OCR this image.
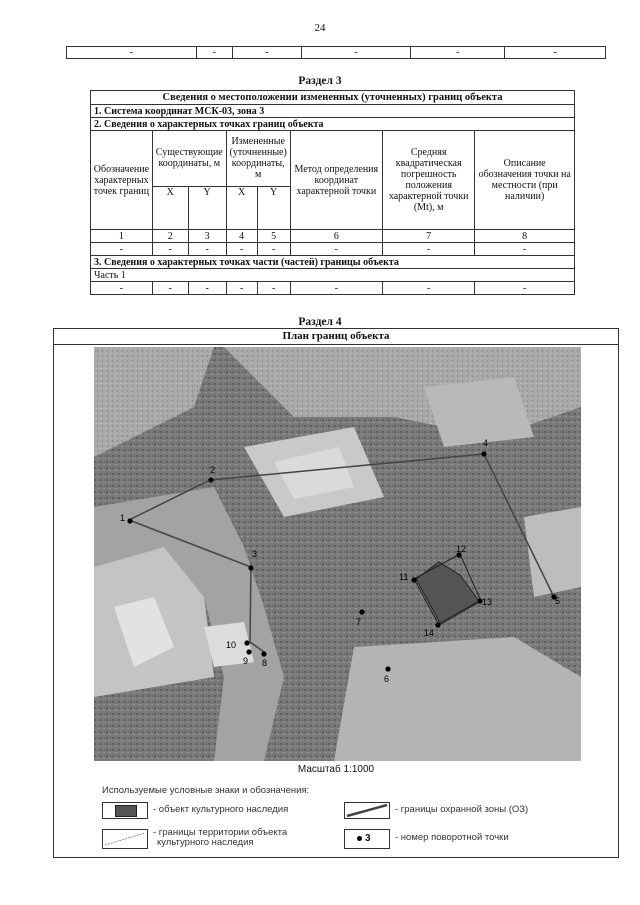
24
-	-	-	-	-	-
Раздел 3
Сведения о местоположении измененных (уточненных) границ объекта							
1. Система координат МСК-03, зона 3							
2. Сведения о характерных точках границ объекта							
Обозначение характерных точек границ	Существующие координаты, м		Измененные (уточненные) координаты, м		Метод определения координат характерной точки	Средняя квадратическая погрешность положения характерной точки (Mt), м	Описание обозначения точки на местности (при наличии)
	X	Y	X	Y			
1	2	3	4	5	6	7	8
-	-	-	-	-	-	-	-
3. Сведения о характерных точках части (частей) границы объекта							
Часть 1							
-	-	-	-	-	-	-	-
Раздел 4
План границ объекта
1
2
3
4
5
6
7
8
9
10
11
12
13
14
Масштаб 1:1000
Используемые условные знаки и обозначения:
- объект культурного наследия	- границы охранной зоны (ОЗ)
- границы территории объекта
культурного наследия	3	- номер поворотной точки
